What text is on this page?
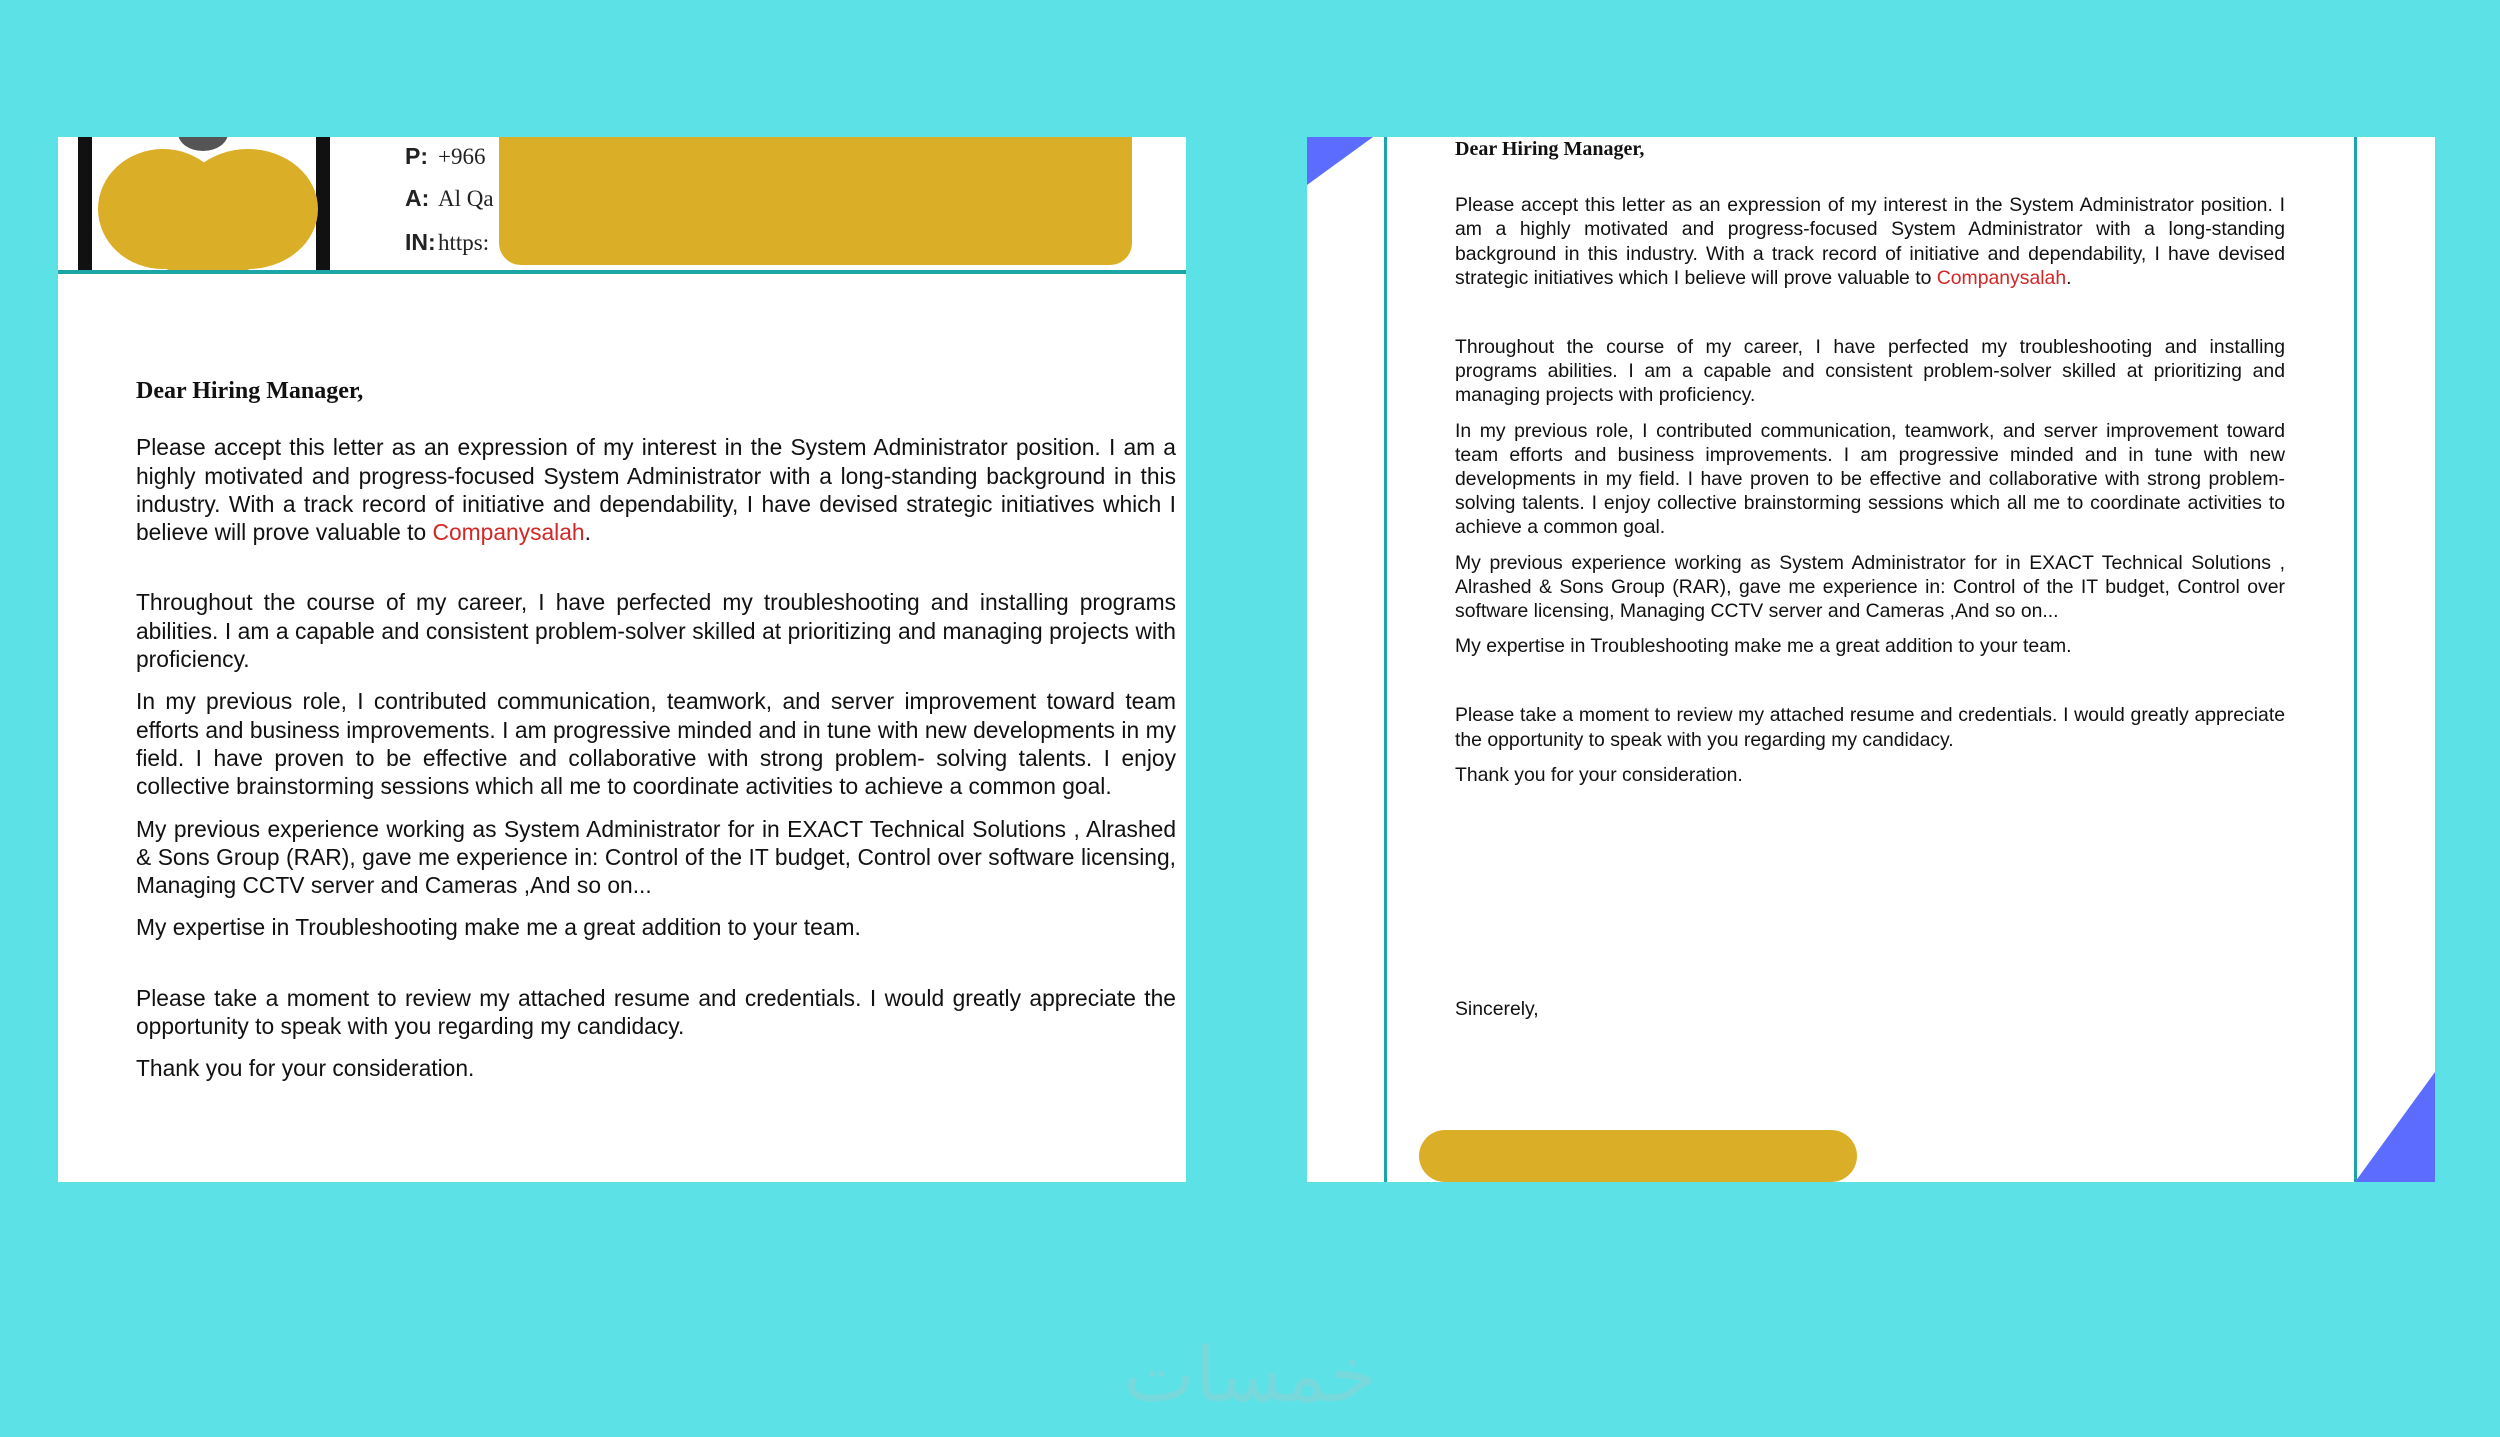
P: +966
A: Al Qa
IN: https:
Dear Hiring Manager,

Please accept this letter as an expression of my interest in the System Administrator position. I am a highly motivated and progress-focused System Administrator with a long-standing background in this industry. With a track record of initiative and dependability, I have devised strategic initiatives which I believe will prove valuable to Companysalah.

Throughout the course of my career, I have perfected my troubleshooting and installing programs abilities. I am a capable and consistent problem-solver skilled at prioritizing and managing projects with proficiency.

In my previous role, I contributed communication, teamwork, and server improvement toward team efforts and business improvements. I am progressive minded and in tune with new developments in my field. I have proven to be effective and collaborative with strong problem- solving talents. I enjoy collective brainstorming sessions which all me to coordinate activities to achieve a common goal.

My previous experience working as System Administrator for in EXACT Technical Solutions , Alrashed & Sons Group (RAR), gave me experience in: Control of the IT budget, Control over software licensing, Managing CCTV server and Cameras ,And so on...

My expertise in Troubleshooting make me a great addition to your team.

Please take a moment to review my attached resume and credentials. I would greatly appreciate the opportunity to speak with you regarding my candidacy.

Thank you for your consideration.

Dear Hiring Manager,

Please accept this letter as an expression of my interest in the System Administrator position. I am a highly motivated and progress-focused System Administrator with a long-standing background in this industry. With a track record of initiative and dependability, I have devised strategic initiatives which I believe will prove valuable to Companysalah.

Throughout the course of my career, I have perfected my troubleshooting and installing programs abilities. I am a capable and consistent problem-solver skilled at prioritizing and managing projects with proficiency.

In my previous role, I contributed communication, teamwork, and server improvement toward team efforts and business improvements. I am progressive minded and in tune with new developments in my field. I have proven to be effective and collaborative with strong problem- solving talents. I enjoy collective brainstorming sessions which all me to coordinate activities to achieve a common goal.

My previous experience working as System Administrator for in EXACT Technical Solutions , Alrashed & Sons Group (RAR), gave me experience in: Control of the IT budget, Control over software licensing, Managing CCTV server and Cameras ,And so on...

My expertise in Troubleshooting make me a great addition to your team.

Please take a moment to review my attached resume and credentials. I would greatly appreciate the opportunity to speak with you regarding my candidacy.

Thank you for your consideration.

Sincerely,

خمسات
